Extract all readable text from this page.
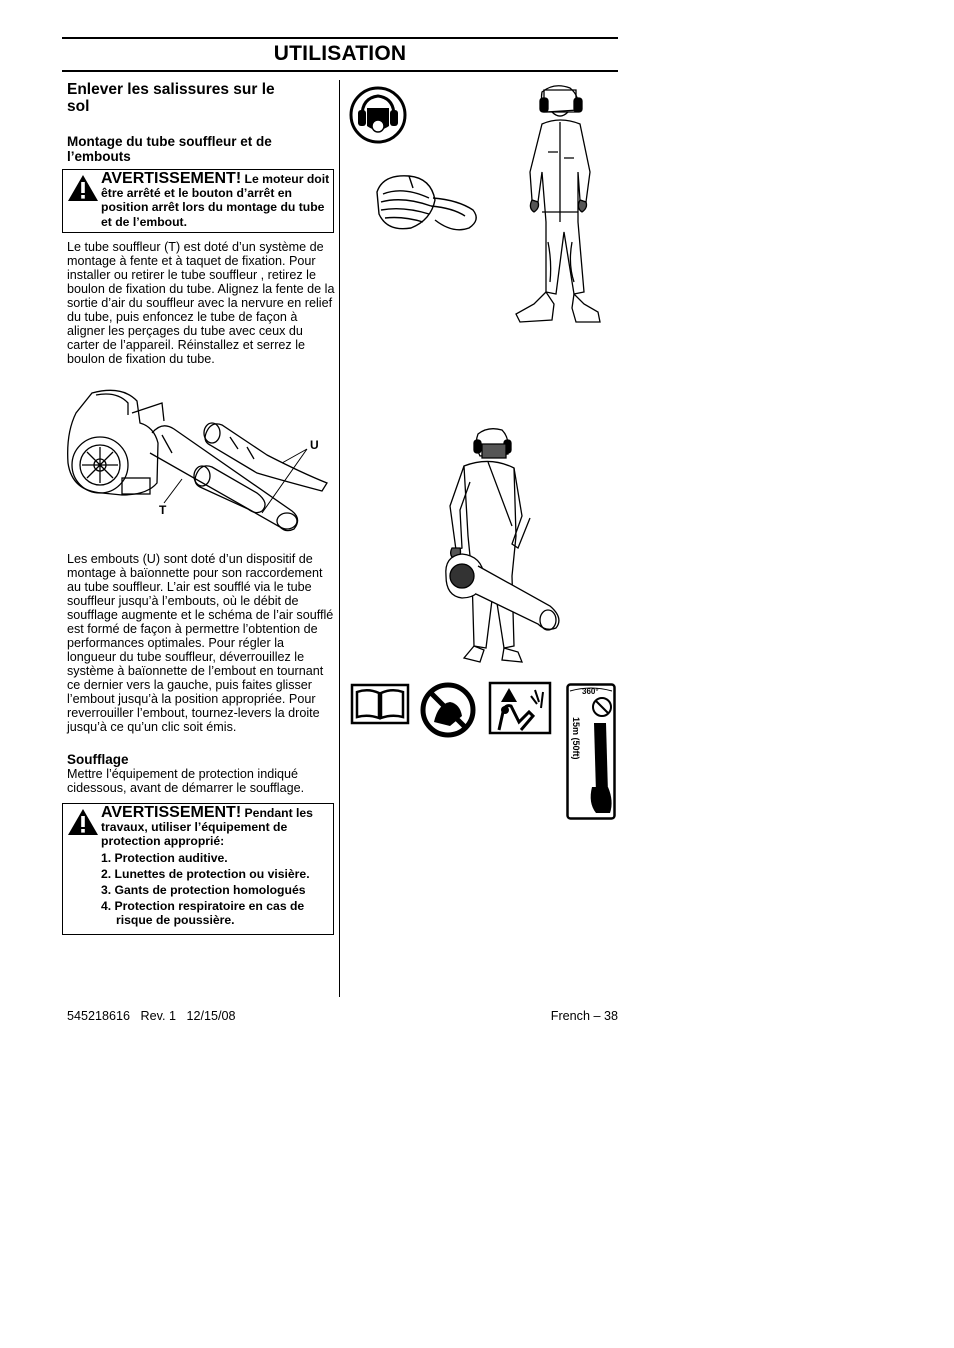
UTILISATION
Enlever les salissures sur le sol
Montage du tube souffleur et de l’embouts
AVERTISSEMENT! Le moteur doit être arrêté et le bouton d’arrêt en position arrêt lors du montage du tube et de l’embout.
Le tube souffleur (T) est doté d’un système de montage à fente et à taquet de fixation. Pour installer ou retirer le tube souffleur , retirez le boulon de fixation du tube. Alignez la fente de la sortie d’air du souffleur avec la nervure en relief du tube, puis enfoncez le tube de façon à aligner les perçages du tube avec ceux du carter de l’appareil. Réinstallez et serrez le boulon de fixation du tube.
U
T
Les embouts (U) sont doté d’un dispositif de montage à baïonnette pour son raccordement au tube souffleur. L’air est soufflé via le tube souffleur jusqu’à l’embouts, où le débit de soufflage augmente et le schéma de l’air soufflé est formé de façon à permettre l’obtention de performances optimales. Pour régler la longueur du tube souffleur, déverrouillez le système à baïonnette de l’embout en tournant ce dernier vers la gauche, puis faites glisser l’embout jusqu’à la position appropriée. Pour reverrouiller l’embout, tournez-levers la droite jusqu’à ce qu’un clic soit émis.
Soufflage
Mettre l’équipement de protection indiqué cidessous, avant de démarrer le soufflage.
AVERTISSEMENT! Pendant les travaux, utiliser l’équipement de protection approprié:
1. Protection auditive.
2. Lunettes de protection ou visière.
3. Gants de protection homologués
4. Protection respiratoire en cas de risque de poussière.
360°
15m (50ft)
545218616   Rev. 1   12/15/08	French – 38
